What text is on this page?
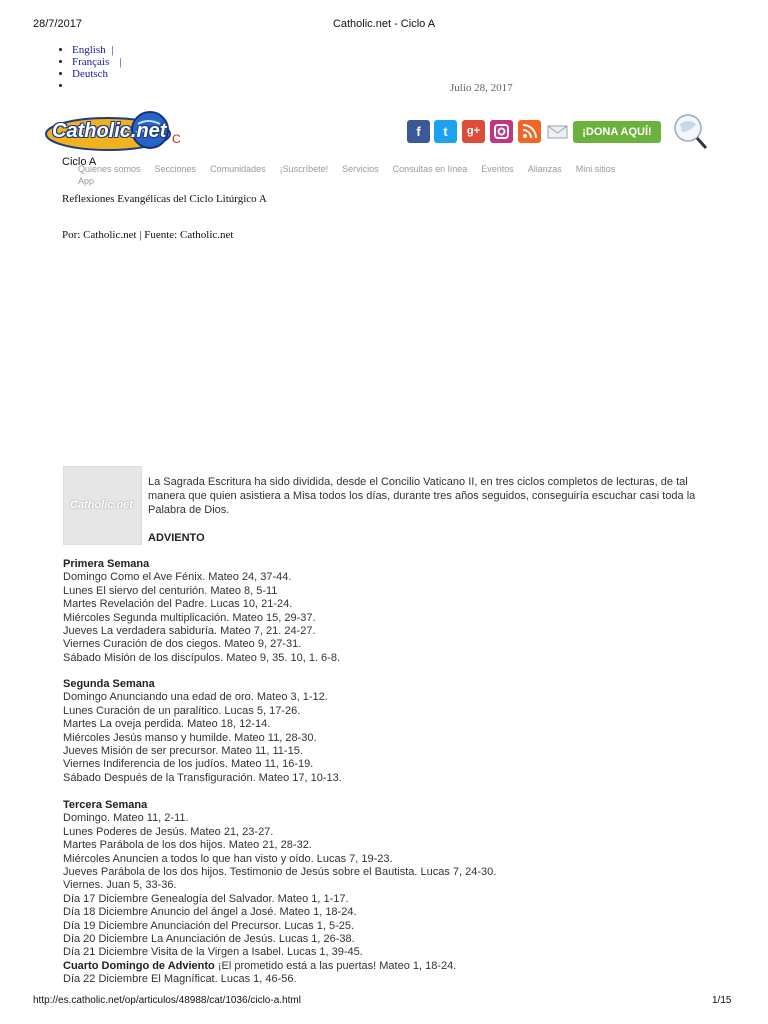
28/7/2017	Catholic.net - Ciclo A
• English |
• Français |
• Deutsch
•
Julio 28, 2017
Catholic.net C	f	t	g+	¡DONA AQUÍ!
Ciclo A
Quienes somos Secciones Comunidades ¡Suscríbete! Servicios Consultas en línea Eventos Alianzas Mini sitios
App
Reflexiones Evangélicas del Ciclo Litúrgico A
Por: Catholic.net | Fuente: Catholic.net
Catholic.net
La Sagrada Escritura ha sido dividida, desde el Concilio Vaticano II, en tres ciclos completos de lecturas, de tal manera que quien asistiera a Misa todos los días, durante tres años seguidos, conseguiría escuchar casi toda la Palabra de Dios.
ADVIENTO
Primera Semana
Domingo Como el Ave Fénix. Mateo 24, 37-44.
Lunes El siervo del centurión. Mateo 8, 5-11
Martes Revelación del Padre. Lucas 10, 21-24.
Miércoles Segunda multiplicación. Mateo 15, 29-37.
Jueves La verdadera sabiduría. Mateo 7, 21. 24-27.
Viernes Curación de dos ciegos. Mateo 9, 27-31.
Sábado Misión de los discípulos. Mateo 9, 35. 10, 1. 6-8.
Segunda Semana
Domingo Anunciando una edad de oro. Mateo 3, 1-12.
Lunes Curación de un paralítico. Lucas 5, 17-26.
Martes La oveja perdida. Mateo 18, 12-14.
Miércoles Jesús manso y humilde. Mateo 11, 28-30.
Jueves Misión de ser precursor. Mateo 11, 11-15.
Viernes Indiferencia de los judíos. Mateo 11, 16-19.
Sábado Después de la Transfiguración. Mateo 17, 10-13.
Tercera Semana
Domingo. Mateo 11, 2-11.
Lunes Poderes de Jesús. Mateo 21, 23-27.
Martes Parábola de los dos hijos. Mateo 21, 28-32.
Miércoles Anuncien a todos lo que han visto y oído. Lucas 7, 19-23.
Jueves Parábola de los dos hijos. Testimonio de Jesús sobre el Bautista. Lucas 7, 24-30.
Viernes. Juan 5, 33-36.
Día 17 Diciembre Genealogía del Salvador. Mateo 1, 1-17.
Día 18 Diciembre Anuncio del ángel a José. Mateo 1, 18-24.
Día 19 Diciembre Anunciación del Precursor. Lucas 1, 5-25.
Día 20 Diciembre La Anunciación de Jesús. Lucas 1, 26-38.
Día 21 Diciembre Visita de la Virgen a Isabel. Lucas 1, 39-45.
Cuarto Domingo de Adviento ¡El prometido está a las puertas! Mateo 1, 18-24.
Día 22 Diciembre El Magníficat. Lucas 1, 46-56.
http://es.catholic.net/op/articulos/48988/cat/1036/ciclo-a.html	1/15
